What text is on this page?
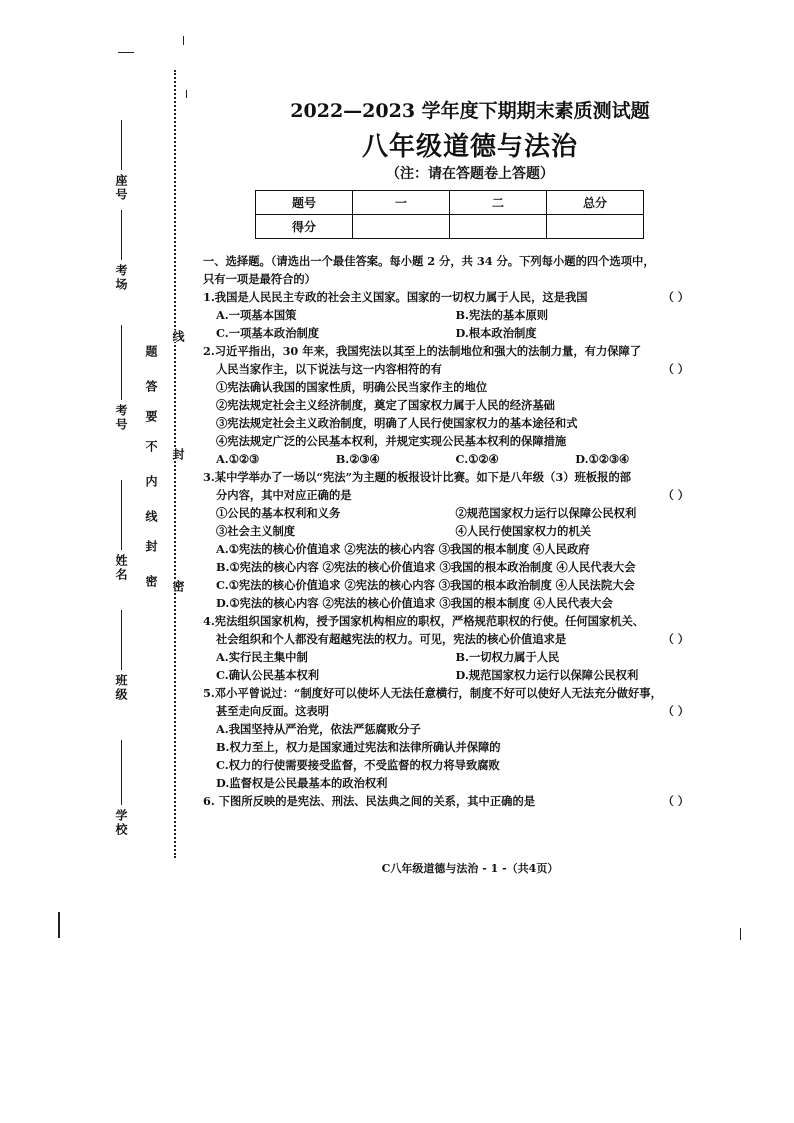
座号
考场
考号
姓名
班级
学校
题
答
要
不
内
线
封
密
线
封
密
2022—2023 学年度下期期末素质测试题
八年级道德与法治
（注：请在答题卷上答题）
题号	一	二	总分
得分			
一、选择题。（请选出一个最佳答案。每小题 2 分，共 34 分。下列每小题的四个选项中，
只有一项是最符合的）
1.我国是人民民主专政的社会主义国家。国家的一切权力属于人民，这是我国	（ ）
A.一项基本国策	B.宪法的基本原则
C.一项基本政治制度	D.根本政治制度
2.习近平指出，30 年来，我国宪法以其至上的法制地位和强大的法制力量，有力保障了
人民当家作主，以下说法与这一内容相符的有	（ ）
①宪法确认我国的国家性质，明确公民当家作主的地位
②宪法规定社会主义经济制度，奠定了国家权力属于人民的经济基础
③宪法规定社会主义政治制度，明确了人民行使国家权力的基本途径和式
④宪法规定广泛的公民基本权利，并规定实现公民基本权利的保障措施
A.①②③	B.②③④	C.①②④	D.①②③④
3.某中学举办了一场以“宪法”为主题的板报设计比赛。如下是八年级（3）班板报的部
分内容，其中对应正确的是	（ ）
①公民的基本权利和义务	②规范国家权力运行以保障公民权利
③社会主义制度	④人民行使国家权力的机关
A.①宪法的核心价值追求 ②宪法的核心内容 ③我国的根本制度 ④人民政府
B.①宪法的核心内容 ②宪法的核心价值追求 ③我国的根本政治制度 ④人民代表大会
C.①宪法的核心价值追求 ②宪法的核心内容 ③我国的根本政治制度 ④人民法院大会
D.①宪法的核心内容 ②宪法的核心价值追求 ③我国的根本制度 ④人民代表大会
4.宪法组织国家机构，授予国家机构相应的职权，严格规范职权的行使。任何国家机关、
社会组织和个人都没有超越宪法的权力。可见，宪法的核心价值追求是	（ ）
A.实行民主集中制	B.一切权力属于人民
C.确认公民基本权利	D.规范国家权力运行以保障公民权利
5.邓小平曾说过：“制度好可以使坏人无法任意横行，制度不好可以使好人无法充分做好事，
甚至走向反面。这表明	（ ）
A.我国坚持从严治党，依法严惩腐败分子
B.权力至上，权力是国家通过宪法和法律所确认并保障的
C.权力的行使需要接受监督，不受监督的权力将导致腐败
D.监督权是公民最基本的政治权利
6. 下图所反映的是宪法、刑法、民法典之间的关系，其中正确的是	（ ）
C八年级道德与法治 - 1 -（共4页）
